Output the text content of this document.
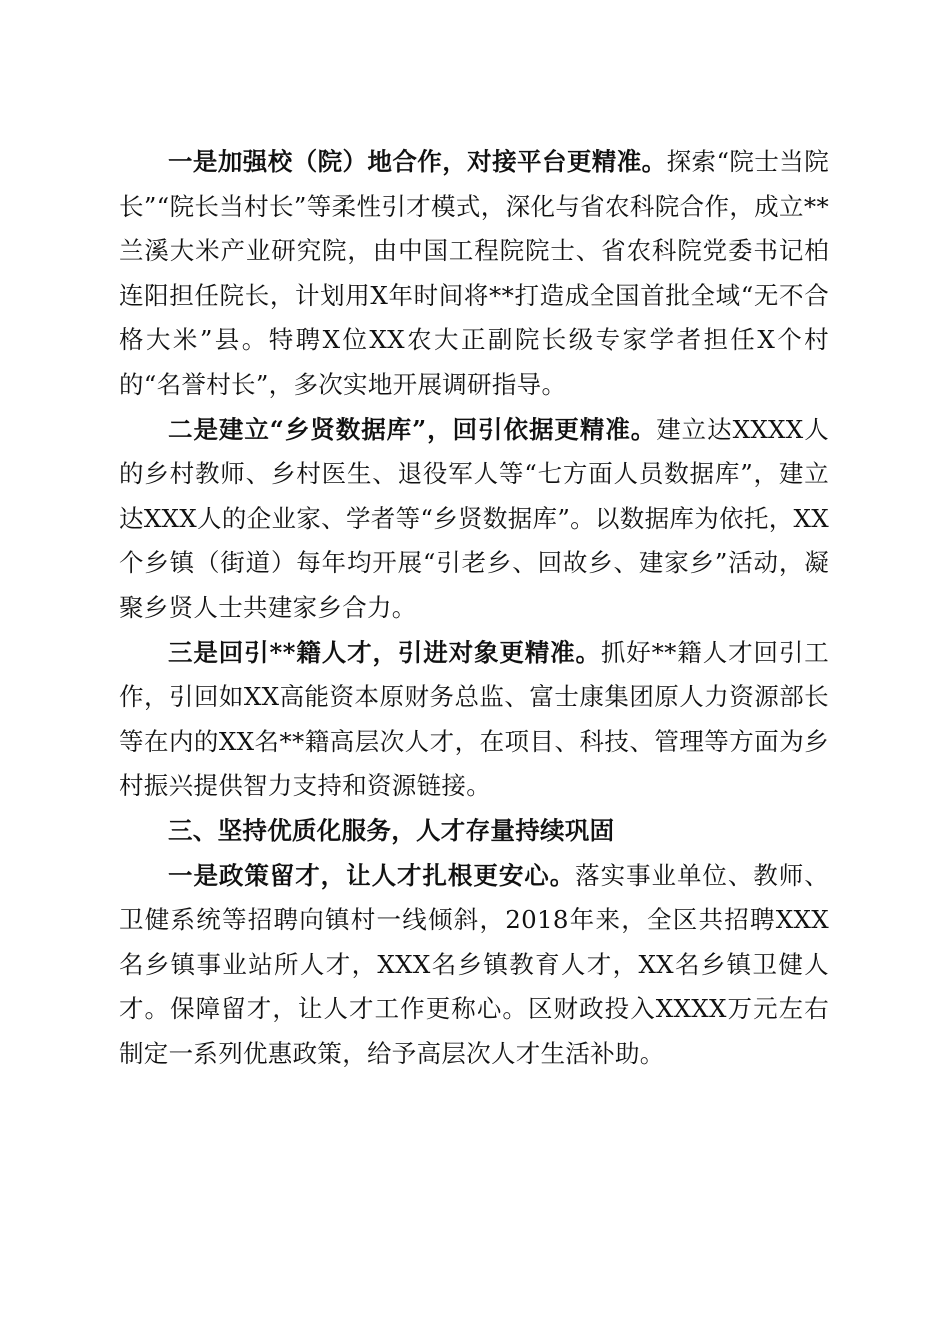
一是加强校（院）地合作，对接平台更精准。探索“院士当院长”“院长当村长”等柔性引才模式，深化与省农科院合作，成立**兰溪大米产业研究院，由中国工程院院士、省农科院党委书记柏连阳担任院长，计划用X年时间将**打造成全国首批全域“无不合格大米”县。特聘X位XX农大正副院长级专家学者担任X个村的“名誉村长”，多次实地开展调研指导。

二是建立“乡贤数据库”，回引依据更精准。建立达XXXX人的乡村教师、乡村医生、退役军人等“七方面人员数据库”，建立达XXX人的企业家、学者等“乡贤数据库”。以数据库为依托，XX个乡镇（街道）每年均开展“引老乡、回故乡、建家乡”活动，凝聚乡贤人士共建家乡合力。

三是回引**籍人才，引进对象更精准。抓好**籍人才回引工作，引回如XX高能资本原财务总监、富士康集团原人力资源部长等在内的XX名**籍高层次人才，在项目、科技、管理等方面为乡村振兴提供智力支持和资源链接。

三、坚持优质化服务，人才存量持续巩固

一是政策留才，让人才扎根更安心。落实事业单位、教师、卫健系统等招聘向镇村一线倾斜，2018年来，全区共招聘XXX名乡镇事业站所人才，XXX名乡镇教育人才，XX名乡镇卫健人才。保障留才，让人才工作更称心。区财政投入XXXX万元左右制定一系列优惠政策，给予高层次人才生活补助。
